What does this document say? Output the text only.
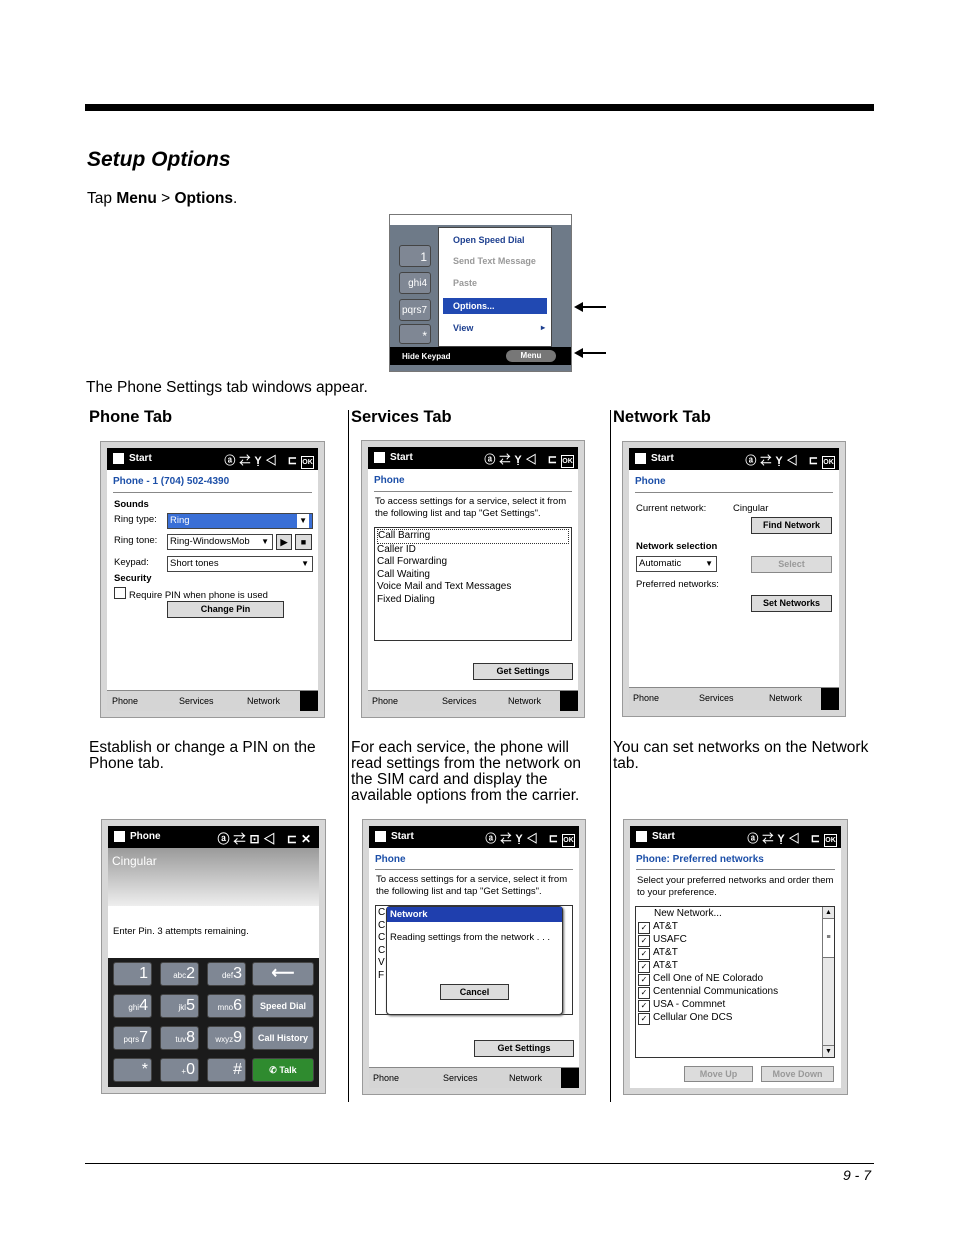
Setup Options
Tap Menu > Options.
1
ghi4
pqrs7
*
Open Speed Dial
Send Text Message
Paste
Options...
View	▸
Hide Keypad	Menu
The Phone Settings tab windows appear.
Phone Tab	Services Tab	Network Tab
Start	ⓐ⇄Ỵ◁ ⊏OK
Phone - 1 (704) 502-4390
Sounds
Ring type:	Ring	▼
Ring tone:	Ring-WindowsMob ▼	▶	■
Keypad:	Short tones	▼
Security
Require PIN when phone is used
Change Pin
Phone	Services	Network
Start	ⓐ⇄Ỵ◁ ⊏OK
Phone
To access settings for a service, select it from the following list and tap "Get Settings".
Call Barring
Caller ID
Call Forwarding
Call Waiting
Voice Mail and Text Messages
Fixed Dialing
Get Settings
Phone	Services	Network
Start	ⓐ⇄Ỵ◁ ⊏OK
Phone
Current network:	Cingular
Find Network
Network selection
Automatic	▼	Select
Preferred networks:
Set Networks
Phone	Services	Network
Establish or change a PIN on the Phone tab.
For each service, the phone will read settings from the network on the SIM card and display the available options from the carrier.
You can set networks on the Network tab.
Phone	ⓐ⇄⊡◁ ⊏✕
Cingular
Enter Pin. 3 attempts remaining.
1	abc2	def3	⟵
ghi4	jkl5	mno6	Speed Dial
pqrs7	tuv8	wxyz9	Call History
*	+0	#	✆ Talk
Start	ⓐ⇄Ỵ◁ ⊏OK
Phone
To access settings for a service, select it from the following list and tap "Get Settings".
C
C
C
C
V
F
Network
Reading settings from the network . . .
Cancel
Get Settings
Phone	Services	Network
Start	ⓐ⇄Ỵ◁ ⊏OK
Phone: Preferred networks
Select your preferred networks and order them to your preference.
New Network...
✓ AT&T
✓ USAFC
✓ AT&T
✓ AT&T
✓ Cell One of NE Colorado
✓ Centennial Communications
✓ USA - Commnet
✓ Cellular One DCS
▲
≡
▼
Move Up	Move Down
9 - 7
